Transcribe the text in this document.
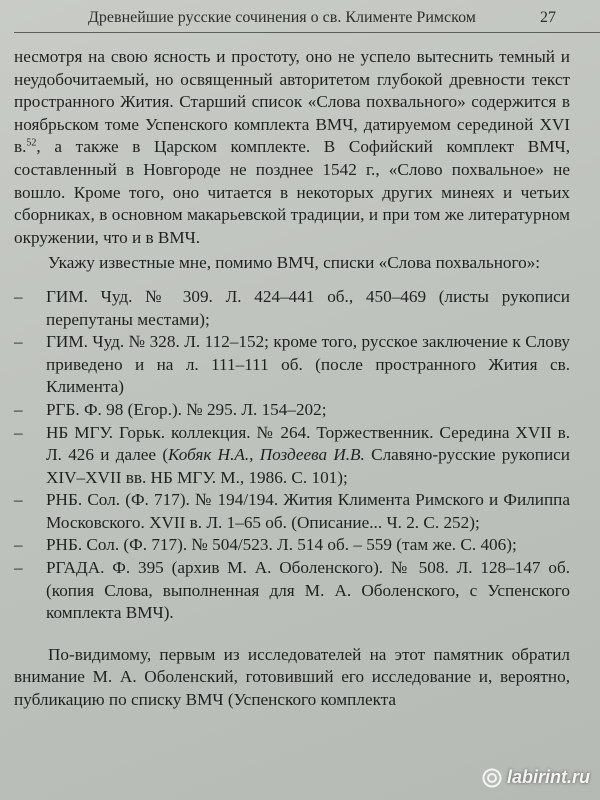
Древнейшие русские сочинения о св. Клименте Римском	27

несмотря на свою ясность и простоту, оно не успело вытеснить темный и неудобочитаемый, но освященный авторитетом глубокой древности текст пространного Жития. Старший список «Слова похвального» содержится в ноябрьском томе Успенского комплекта ВМЧ, датируемом серединой XVI в.$^{52}$, а также в Царском комплекте. В Софийский комплект ВМЧ, составленный в Новгороде не позднее 1542 г., «Слово похвальное» не вошло. Кроме того, оно читается в некоторых других минеях и четьих сборниках, в основном макарьевской традиции, и при том же литературном окружении, что и в ВМЧ.

Укажу известные мне, помимо ВМЧ, списки «Слова похвального»:

– ГИМ. Чуд. № 309. Л. 424–441 об., 450–469 (листы рукописи перепутаны местами);
– ГИМ. Чуд. № 328. Л. 112–152; кроме того, русское заключение к Слову приведено и на л. 111–111 об. (после пространного Жития св. Климента)
– РГБ. Ф. 98 (Егор.). № 295. Л. 154–202;
– НБ МГУ. Горьк. коллекция. № 264. Торжественник. Середина XVII в. Л. 426 и далее (Кобяк Н.А., Поздеева И.В. Славяно-русские рукописи XIV–XVII вв. НБ МГУ. М., 1986. С. 101);
– РНБ. Сол. (Ф. 717). № 194/194. Жития Климента Римского и Филиппа Московского. XVII в. Л. 1–65 об. (Описание... Ч. 2. С. 252);
– РНБ. Сол. (Ф. 717). № 504/523. Л. 514 об. – 559 (там же. С. 406);
– РГАДА. Ф. 395 (архив М. А. Оболенского). № 508. Л. 128–147 об. (копия Слова, выполненная для М. А. Оболенского, с Успенского комплекта ВМЧ).

По-видимому, первым из исследователей на этот памятник обратил внимание М. А. Оболенский, готовивший его исследование и, вероятно, публикацию по списку ВМЧ (Успенского комплекта

labirint.ru
